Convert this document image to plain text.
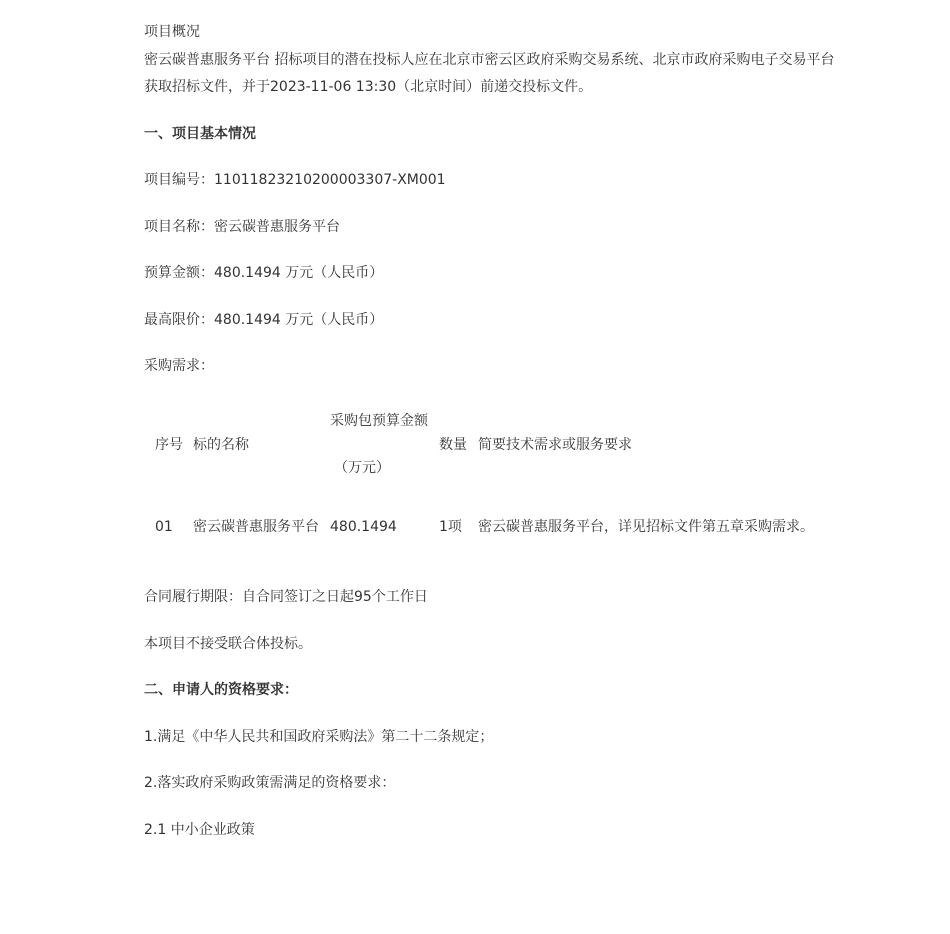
项目概况
密云碳普惠服务平台 招标项目的潜在投标人应在北京市密云区政府采购交易系统、北京市政府采购电子交易平台
获取招标文件，并于2023-11-06 13:30（北京时间）前递交投标文件。
一、项目基本情况
项目编号：11011823210200003307-XM001
项目名称：密云碳普惠服务平台
预算金额：480.1494 万元（人民币）
最高限价：480.1494 万元（人民币）
采购需求：
序号 标的名称
采购包预算金额
（万元）
数量 简要技术需求或服务要求
01 密云碳普惠服务平台 480.1494	1项 密云碳普惠服务平台，详见招标文件第五章采购需求。
合同履行期限：自合同签订之日起95个工作日
本项目不接受联合体投标。
二、申请人的资格要求：
1.满足《中华人民共和国政府采购法》第二十二条规定；
2.落实政府采购政策需满足的资格要求：
2.1 中小企业政策
